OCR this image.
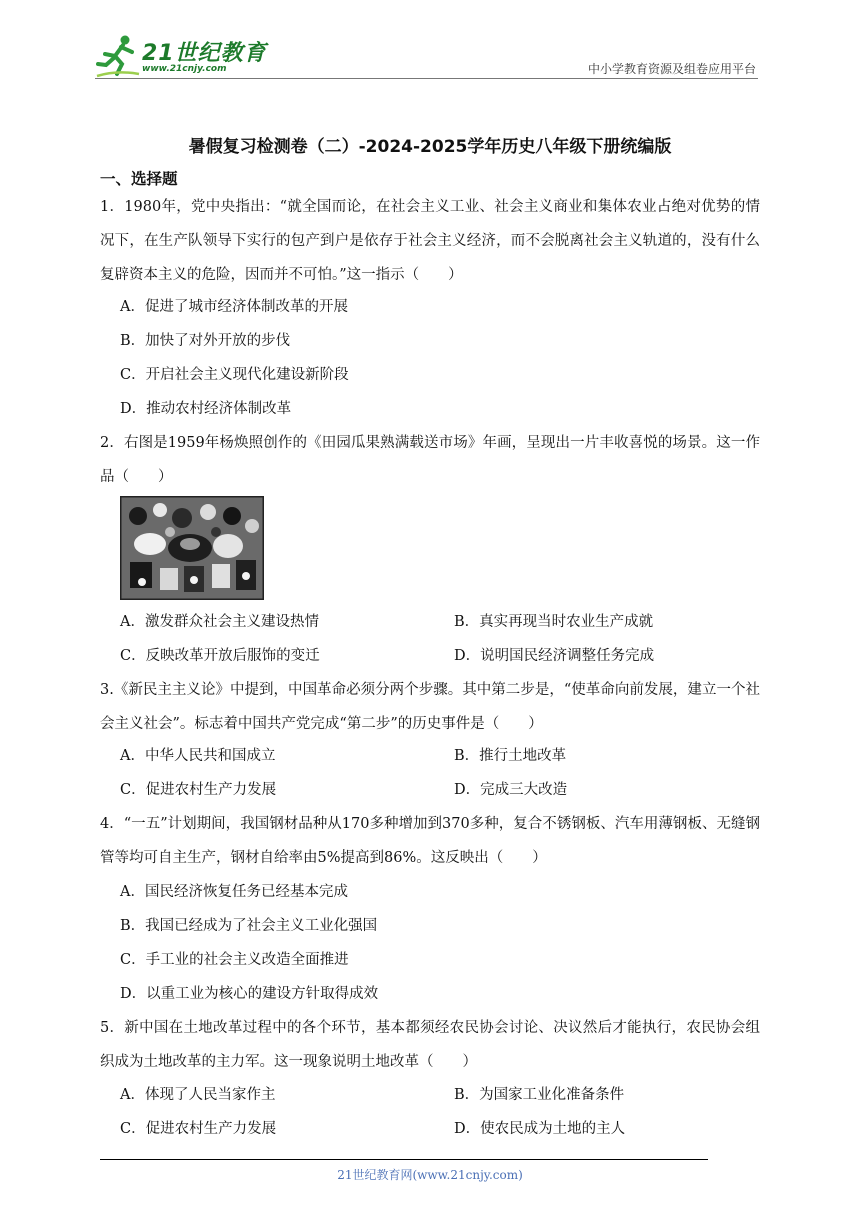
21世纪教育
www.21cnjy.com	中小学教育资源及组卷应用平台
暑假复习检测卷（二）-2024-2025学年历史八年级下册统编版
一、选择题
1．1980年，党中央指出：“就全国而论，在社会主义工业、社会主义商业和集体农业占绝对优势的情况下，在生产队领导下实行的包产到户是依存于社会主义经济，而不会脱离社会主义轨道的，没有什么复辟资本主义的危险，因而并不可怕。”这一指示（　　）
A．促进了城市经济体制改革的开展
B．加快了对外开放的步伐
C．开启社会主义现代化建设新阶段
D．推动农村经济体制改革
2．右图是1959年杨焕照创作的《田园瓜果熟满载送市场》年画，呈现出一片丰收喜悦的场景。这一作品（　　）
A．激发群众社会主义建设热情	B．真实再现当时农业生产成就
C．反映改革开放后服饰的变迁	D．说明国民经济调整任务完成
3.《新民主主义论》中提到，中国革命必须分两个步骤。其中第二步是，“使革命向前发展，建立一个社会主义社会”。标志着中国共产党完成“第二步”的历史事件是（　　）
A．中华人民共和国成立	B．推行土地改革
C．促进农村生产力发展	D．完成三大改造
4．“一五”计划期间，我国钢材品种从170多种增加到370多种，复合不锈钢板、汽车用薄钢板、无缝钢管等均可自主生产，钢材自给率由5%提高到86%。这反映出（　　）
A．国民经济恢复任务已经基本完成
B．我国已经成为了社会主义工业化强国
C．手工业的社会主义改造全面推进
D．以重工业为核心的建设方针取得成效
5．新中国在土地改革过程中的各个环节，基本都须经农民协会讨论、决议然后才能执行，农民协会组织成为土地改革的主力军。这一现象说明土地改革（　　）
A．体现了人民当家作主	B．为国家工业化准备条件
C．促进农村生产力发展	D．使农民成为土地的主人
21世纪教育网(www.21cnjy.com)
